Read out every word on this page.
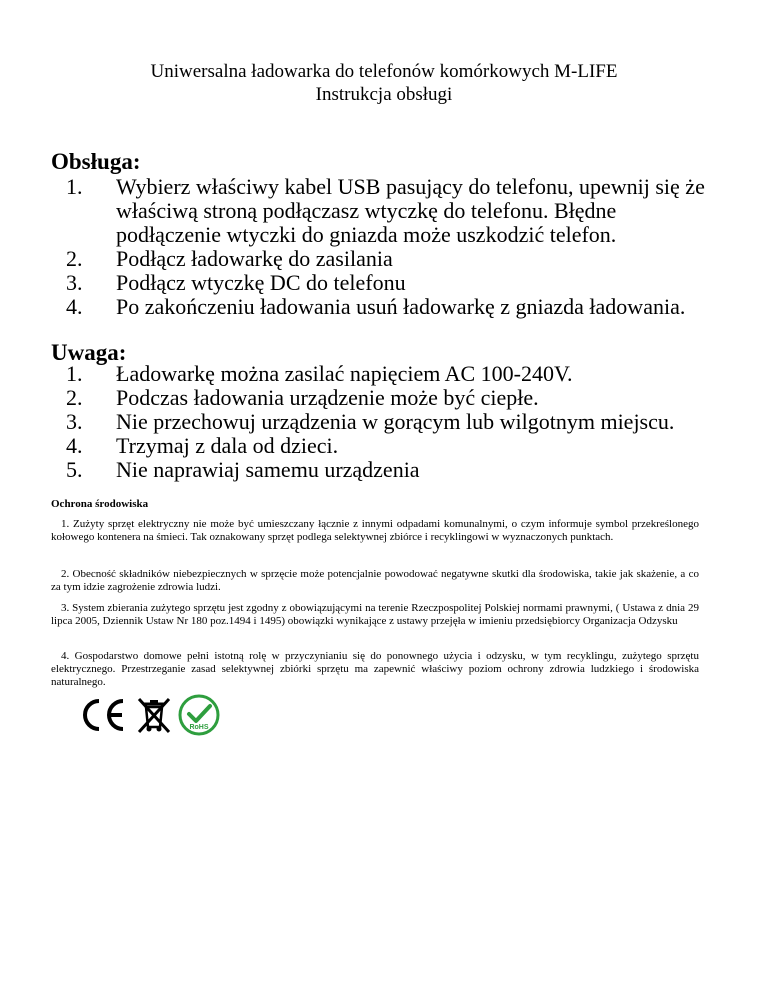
Uniwersalna ładowarka do telefonów komórkowych M-LIFE
Instrukcja obsługi
Obsługa:
1.	Wybierz właściwy kabel USB pasujący do telefonu, upewnij się że właściwą stroną podłączasz wtyczkę do telefonu. Błędne podłączenie wtyczki do gniazda może uszkodzić telefon.
2.	Podłącz ładowarkę do zasilania
3.	Podłącz wtyczkę DC do telefonu
4.	Po zakończeniu ładowania usuń ładowarkę z gniazda ładowania.
Uwaga:
1.	Ładowarkę można zasilać napięciem AC 100-240V.
2.	Podczas ładowania urządzenie może być ciepłe.
3.	Nie przechowuj urządzenia w gorącym lub wilgotnym miejscu.
4.	Trzymaj z dala od dzieci.
5.	Nie naprawiaj samemu urządzenia
Ochrona środowiska

1. Zużyty sprzęt elektryczny nie może być umieszczany łącznie z innymi odpadami komunalnymi, o czym informuje symbol przekreślonego kołowego kontenera na śmieci. Tak oznakowany sprzęt podlega selektywnej zbiórce i recyklingowi w wyznaczonych punktach.

2. Obecność składników niebezpiecznych w sprzęcie może potencjalnie powodować negatywne skutki dla środowiska, takie jak skażenie, a co za tym idzie zagrożenie zdrowia ludzi.

3. System zbierania zużytego sprzętu jest zgodny z obowiązującymi na terenie Rzeczpospolitej Polskiej normami prawnymi, ( Ustawa z dnia 29 lipca 2005, Dziennik Ustaw Nr 180 poz.1494 i 1495) obowiązki wynikające z ustawy przejęła w imieniu przedsiębiorcy Organizacja Odzysku

4. Gospodarstwo domowe pełni istotną rolę w przyczynianiu się do ponownego użycia i odzysku, w tym recyklingu, zużytego sprzętu elektrycznego. Przestrzeganie zasad selektywnej zbiórki sprzętu ma zapewnić właściwy poziom ochrony zdrowia ludzkiego i środowiska naturalnego.

RoHS
